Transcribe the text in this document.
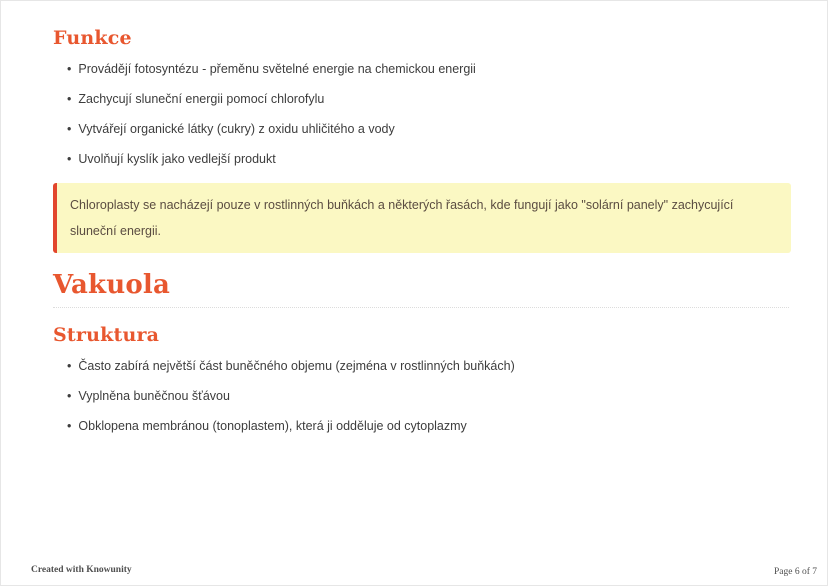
Funkce
• Provádějí fotosyntézu - přeměnu světelné energie na chemickou energii
• Zachycují sluneční energii pomocí chlorofylu
• Vytvářejí organické látky (cukry) z oxidu uhličitého a vody
• Uvolňují kyslík jako vedlejší produkt

Chloroplasty se nacházejí pouze v rostlinných buňkách a některých řasách, kde fungují jako "solární panely" zachycující sluneční energii.

Vakuola
Struktura
• Často zabírá největší část buněčného objemu (zejména v rostlinných buňkách)
• Vyplněna buněčnou šťávou
• Obklopena membránou (tonoplastem), která ji odděluje od cytoplazmy
Created with Knowunity	Page 6 of 7
